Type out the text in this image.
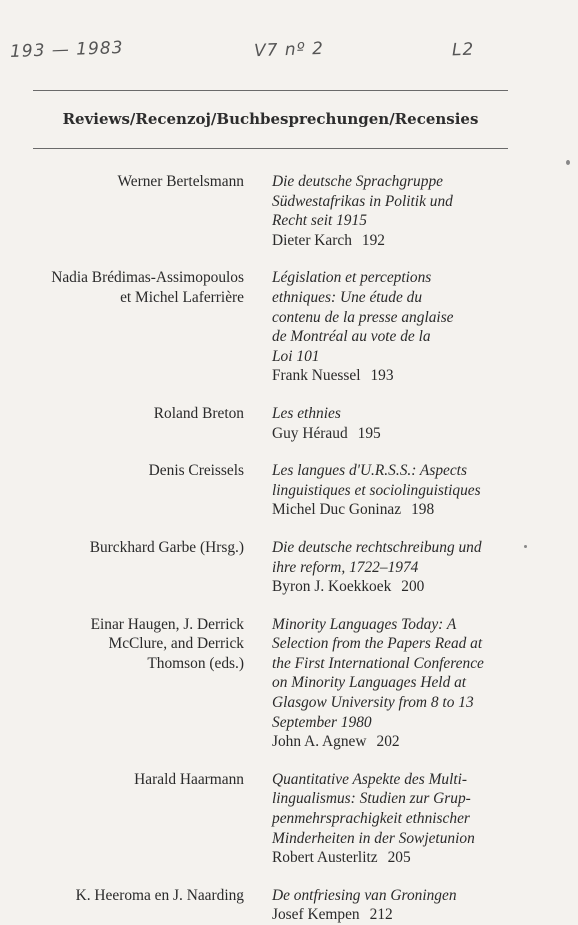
193 — 1983	V7 nº 2	L2
Reviews/Recenzoj/Buchbesprechungen/Recensies
Werner Bertelsmann Die deutsche Sprachgruppe
Südwestafrikas in Politik und
Recht seit 1915
Dieter Karch 192
Nadia Brédimas-Assimopoulos
et Michel Laferrière
Législation et perceptions
ethniques: Une étude du
contenu de la presse anglaise
de Montréal au vote de la
Loi 101
Frank Nuessel 193
Roland Breton Les ethnies
Guy Héraud 195
Denis Creissels Les langues d'U.R.S.S.: Aspects
linguistiques et sociolinguistiques
Michel Duc Goninaz 198
Burckhard Garbe (Hrsg.) Die deutsche rechtschreibung und
ihre reform, 1722–1974
Byron J. Koekkoek 200
Einar Haugen, J. Derrick
McClure, and Derrick
Thomson (eds.)
Minority Languages Today: A
Selection from the Papers Read at
the First International Conference
on Minority Languages Held at
Glasgow University from 8 to 13
September 1980
John A. Agnew 202
Harald Haarmann Quantitative Aspekte des Multi-
lingualismus: Studien zur Grup-
penmehrsprachigkeit ethnischer
Minderheiten in der Sowjetunion
Robert Austerlitz 205
K. Heeroma en J. Naarding De ontfriesing van Groningen
Josef Kempen 212
